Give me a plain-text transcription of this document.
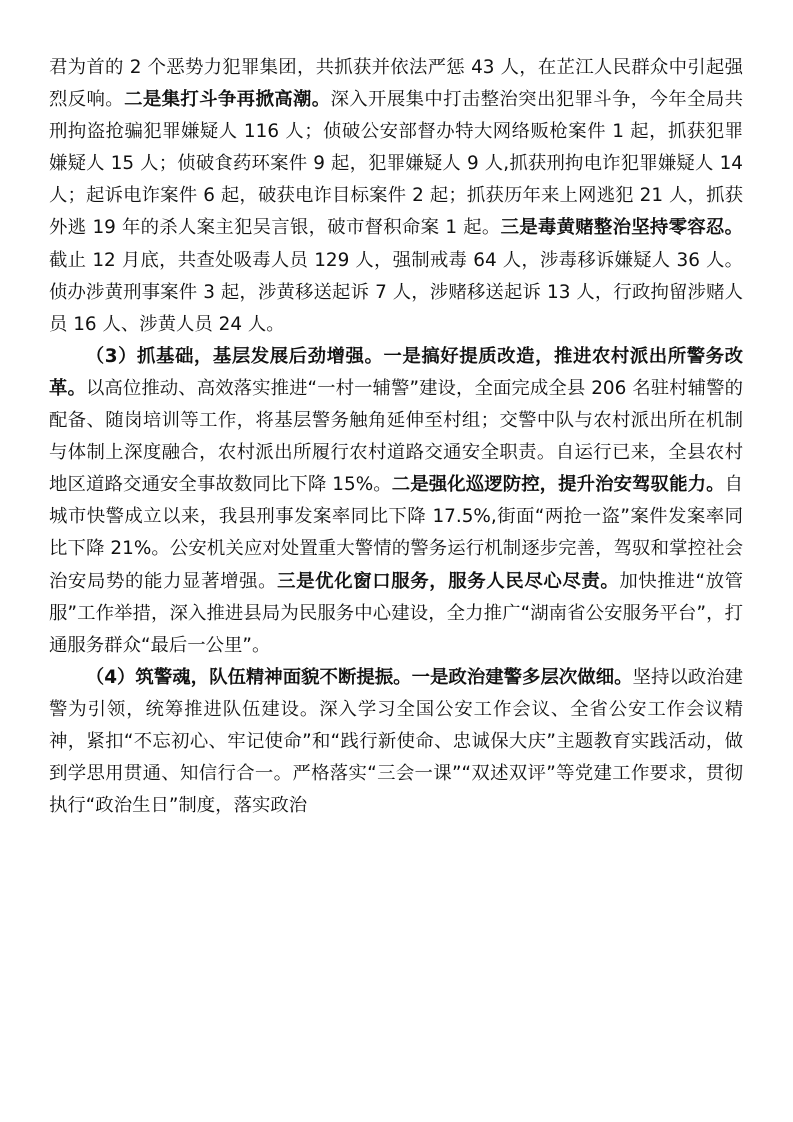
君为首的 2 个恶势力犯罪集团，共抓获并依法严惩 43 人，在芷江人民群众中引起强烈反响。二是集打斗争再掀高潮。深入开展集中打击整治突出犯罪斗争，今年全局共刑拘盗抢骗犯罪嫌疑人 116 人；侦破公安部督办特大网络贩枪案件 1 起，抓获犯罪嫌疑人 15 人；侦破食药环案件 9 起，犯罪嫌疑人 9 人,抓获刑拘电诈犯罪嫌疑人 14 人；起诉电诈案件 6 起，破获电诈目标案件 2 起；抓获历年来上网逃犯 21 人，抓获外逃 19 年的杀人案主犯吴言银，破市督积命案 1 起。三是毒黄赌整治坚持零容忍。截止 12 月底，共查处吸毒人员 129 人，强制戒毒 64 人，涉毒移诉嫌疑人 36 人。侦办涉黄刑事案件 3 起，涉黄移送起诉 7 人，涉赌移送起诉 13 人，行政拘留涉赌人员 16 人、涉黄人员 24 人。

（3）抓基础，基层发展后劲增强。一是搞好提质改造，推进农村派出所警务改革。以高位推动、高效落实推进“一村一辅警”建设，全面完成全县 206 名驻村辅警的配备、随岗培训等工作，将基层警务触角延伸至村组；交警中队与农村派出所在机制与体制上深度融合，农村派出所履行农村道路交通安全职责。自运行已来，全县农村地区道路交通安全事故数同比下降 15%。二是强化巡逻防控，提升治安驾驭能力。自城市快警成立以来，我县刑事发案率同比下降 17.5%,街面“两抢一盗”案件发案率同比下降 21%。公安机关应对处置重大警情的警务运行机制逐步完善，驾驭和掌控社会治安局势的能力显著增强。三是优化窗口服务，服务人民尽心尽责。加快推进“放管服”工作举措，深入推进县局为民服务中心建设，全力推广“湖南省公安服务平台”，打通服务群众“最后一公里”。

（4）筑警魂，队伍精神面貌不断提振。一是政治建警多层次做细。坚持以政治建警为引领，统筹推进队伍建设。深入学习全国公安工作会议、全省公安工作会议精神，紧扣“不忘初心、牢记使命”和“践行新使命、忠诚保大庆”主题教育实践活动，做到学思用贯通、知信行合一。严格落实“三会一课”“双述双评”等党建工作要求，贯彻执行“政治生日”制度，落实政治
